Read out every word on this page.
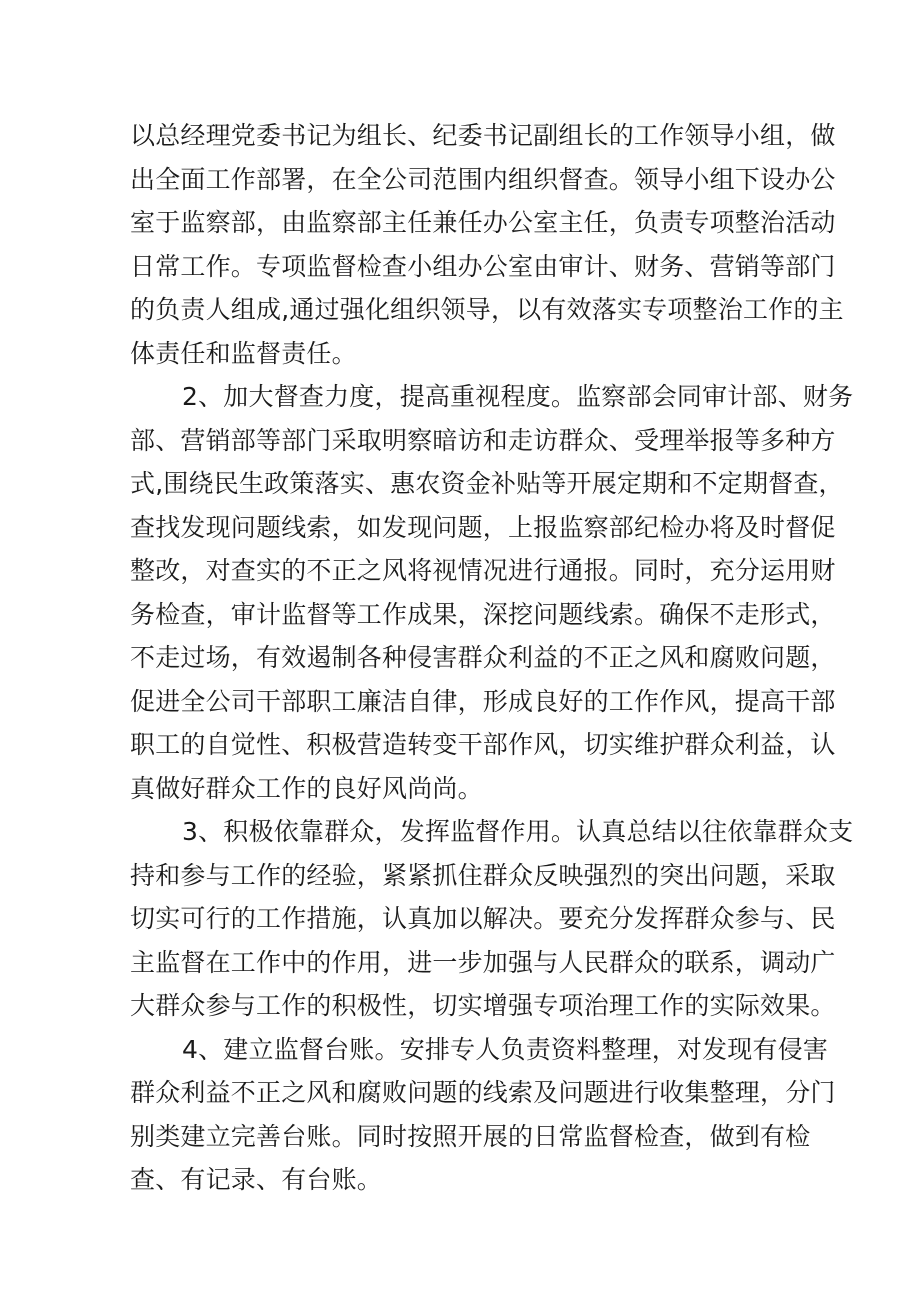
以总经理党委书记为组长、纪委书记副组长的工作领导小组，做
出全面工作部署，在全公司范围内组织督查。领导小组下设办公
室于监察部，由监察部主任兼任办公室主任，负责专项整治活动
日常工作。专项监督检查小组办公室由审计、财务、营销等部门
的负责人组成,通过强化组织领导，以有效落实专项整治工作的主
体责任和监督责任。
2、加大督查力度，提高重视程度。监察部会同审计部、财务
部、营销部等部门采取明察暗访和走访群众、受理举报等多种方
式,围绕民生政策落实、惠农资金补贴等开展定期和不定期督查，
查找发现问题线索，如发现问题，上报监察部纪检办将及时督促
整改，对查实的不正之风将视情况进行通报。同时，充分运用财
务检查，审计监督等工作成果，深挖问题线索。确保不走形式，
不走过场，有效遏制各种侵害群众利益的不正之风和腐败问题，
促进全公司干部职工廉洁自律，形成良好的工作作风，提高干部
职工的自觉性、积极营造转变干部作风，切实维护群众利益，认
真做好群众工作的良好风尚尚。
3、积极依靠群众，发挥监督作用。认真总结以往依靠群众支
持和参与工作的经验，紧紧抓住群众反映强烈的突出问题，采取
切实可行的工作措施，认真加以解决。要充分发挥群众参与、民
主监督在工作中的作用，进一步加强与人民群众的联系，调动广
大群众参与工作的积极性，切实增强专项治理工作的实际效果。
4、建立监督台账。安排专人负责资料整理，对发现有侵害
群众利益不正之风和腐败问题的线索及问题进行收集整理，分门
别类建立完善台账。同时按照开展的日常监督检查，做到有检
查、有记录、有台账。
